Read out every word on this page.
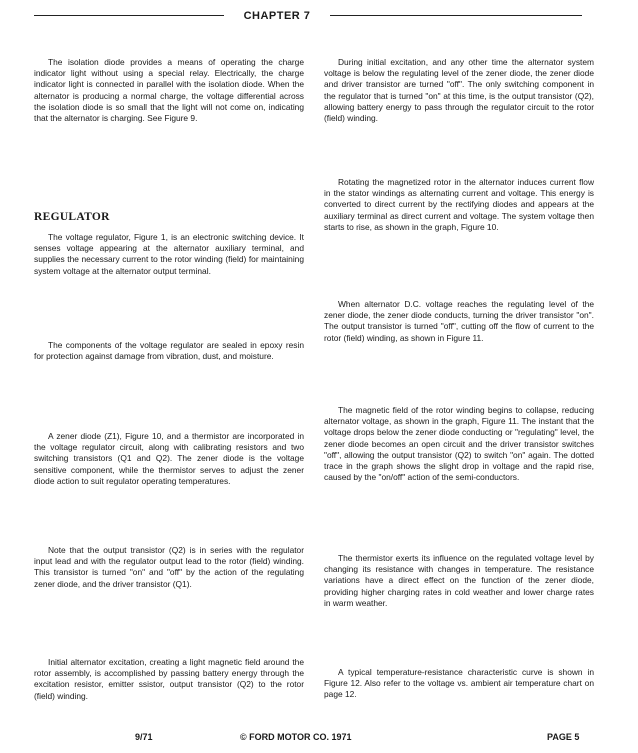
CHAPTER 7

The isolation diode provides a means of operating the charge indicator light without using a special relay. Electrically, the charge indicator light is connected in parallel with the isolation diode. When the alternator is producing a normal charge, the voltage differential across the isolation diode is so small that the light will not come on, indicating that the alternator is charging. See Figure 9.

REGULATOR

The voltage regulator, Figure 1, is an electronic switching device. It senses voltage appearing at the alternator auxiliary terminal, and supplies the necessary current to the rotor winding (field) for maintaining system voltage at the alternator output terminal.

The components of the voltage regulator are sealed in epoxy resin for protection against damage from vibration, dust, and moisture.

A zener diode (Z1), Figure 10, and a thermistor are incorporated in the voltage regulator circuit, along with calibrating resistors and two switching transistors (Q1 and Q2). The zener diode is the voltage sensitive component, while the thermistor serves to adjust the zener diode action to suit regulator operating temperatures.

Note that the output transistor (Q2) is in series with the regulator input lead and with the regulator output lead to the rotor (field) winding. This transistor is turned "on" and "off" by the action of the regulating zener diode, and the driver transistor (Q1).

Initial alternator excitation, creating a light magnetic field around the rotor assembly, is accomplished by passing battery energy through the excitation resistor, emitter ssistor, output transistor (Q2) to the rotor (field) winding.

During initial excitation, and any other time the alternator system voltage is below the regulating level of the zener diode, the zener diode and driver transistor are turned "off". The only switching component in the regulator that is turned "on" at this time, is the output transistor (Q2), allowing battery energy to pass through the regulator circuit to the rotor (field) winding.

Rotating the magnetized rotor in the alternator induces current flow in the stator windings as alternating current and voltage. This energy is converted to direct current by the rectifying diodes and appears at the auxiliary terminal as direct current and voltage. The system voltage then starts to rise, as shown in the graph, Figure 10.

When alternator D.C. voltage reaches the regulating level of the zener diode, the zener diode conducts, turning the driver transistor "on". The output transistor is turned "off", cutting off the flow of current to the rotor (field) winding, as shown in Figure 11.

The magnetic field of the rotor winding begins to collapse, reducing alternator voltage, as shown in the graph, Figure 11. The instant that the voltage drops below the zener diode conducting or "regulating" level, the zener diode becomes an open circuit and the driver transistor switches "off", allowing the output transistor (Q2) to switch "on" again. The dotted trace in the graph shows the slight drop in voltage and the rapid rise, caused by the "on/off" action of the semi-conductors.

The thermistor exerts its influence on the regulated voltage level by changing its resistance with changes in temperature. The resistance variations have a direct effect on the function of the zener diode, providing higher charging rates in cold weather and lower charge rates in warm weather.

A typical temperature-resistance characteristic curve is shown in Figure 12. Also refer to the voltage vs. ambient air temperature chart on page 12.

9/71	© FORD MOTOR CO. 1971	PAGE 5
